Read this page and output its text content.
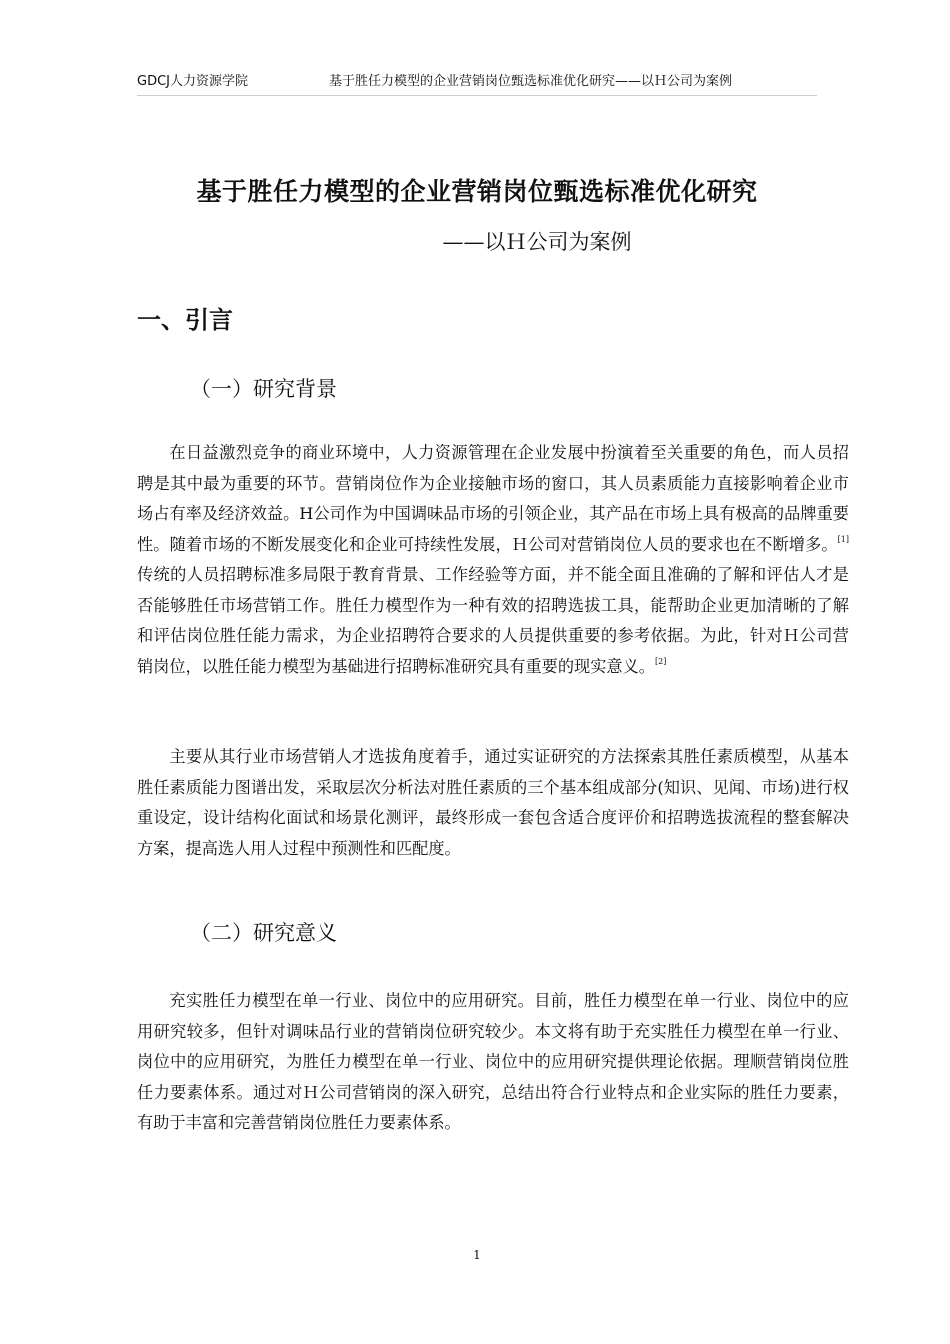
GDCJ人力资源学院	基于胜任力模型的企业营销岗位甄选标准优化研究——以Ｈ公司为案例
基于胜任力模型的企业营销岗位甄选标准优化研究
——以Ｈ公司为案例
一、引言
（一）研究背景

在日益激烈竞争的商业环境中，人力资源管理在企业发展中扮演着至关重要的角色，而人员招聘是其中最为重要的环节。营销岗位作为企业接触市场的窗口，其人员素质能力直接影响着企业市场占有率及经济效益。H公司作为中国调味品市场的引领企业，其产品在市场上具有极高的品牌重要性。随着市场的不断发展变化和企业可持续性发展，Ｈ公司对营销岗位人员的要求也在不断增多。[1]传统的人员招聘标准多局限于教育背景、工作经验等方面，并不能全面且准确的了解和评估人才是否能够胜任市场营销工作。胜任力模型作为一种有效的招聘选拔工具，能帮助企业更加清晰的了解和评估岗位胜任能力需求，为企业招聘符合要求的人员提供重要的参考依据。为此，针对Ｈ公司营销岗位，以胜任能力模型为基础进行招聘标准研究具有重要的现实意义。[2]

主要从其行业市场营销人才选拔角度着手，通过实证研究的方法探索其胜任素质模型，从基本胜任素质能力图谱出发，采取层次分析法对胜任素质的三个基本组成部分(知识、见闻、市场)进行权重设定，设计结构化面试和场景化测评，最终形成一套包含适合度评价和招聘选拔流程的整套解决方案，提高选人用人过程中预测性和匹配度。

（二）研究意义

充实胜任力模型在单一行业、岗位中的应用研究。目前，胜任力模型在单一行业、岗位中的应用研究较多，但针对调味品行业的营销岗位研究较少。本文将有助于充实胜任力模型在单一行业、岗位中的应用研究，为胜任力模型在单一行业、岗位中的应用研究提供理论依据。理顺营销岗位胜任力要素体系。通过对Ｈ公司营销岗的深入研究，总结出符合行业特点和企业实际的胜任力要素，有助于丰富和完善营销岗位胜任力要素体系。

1
